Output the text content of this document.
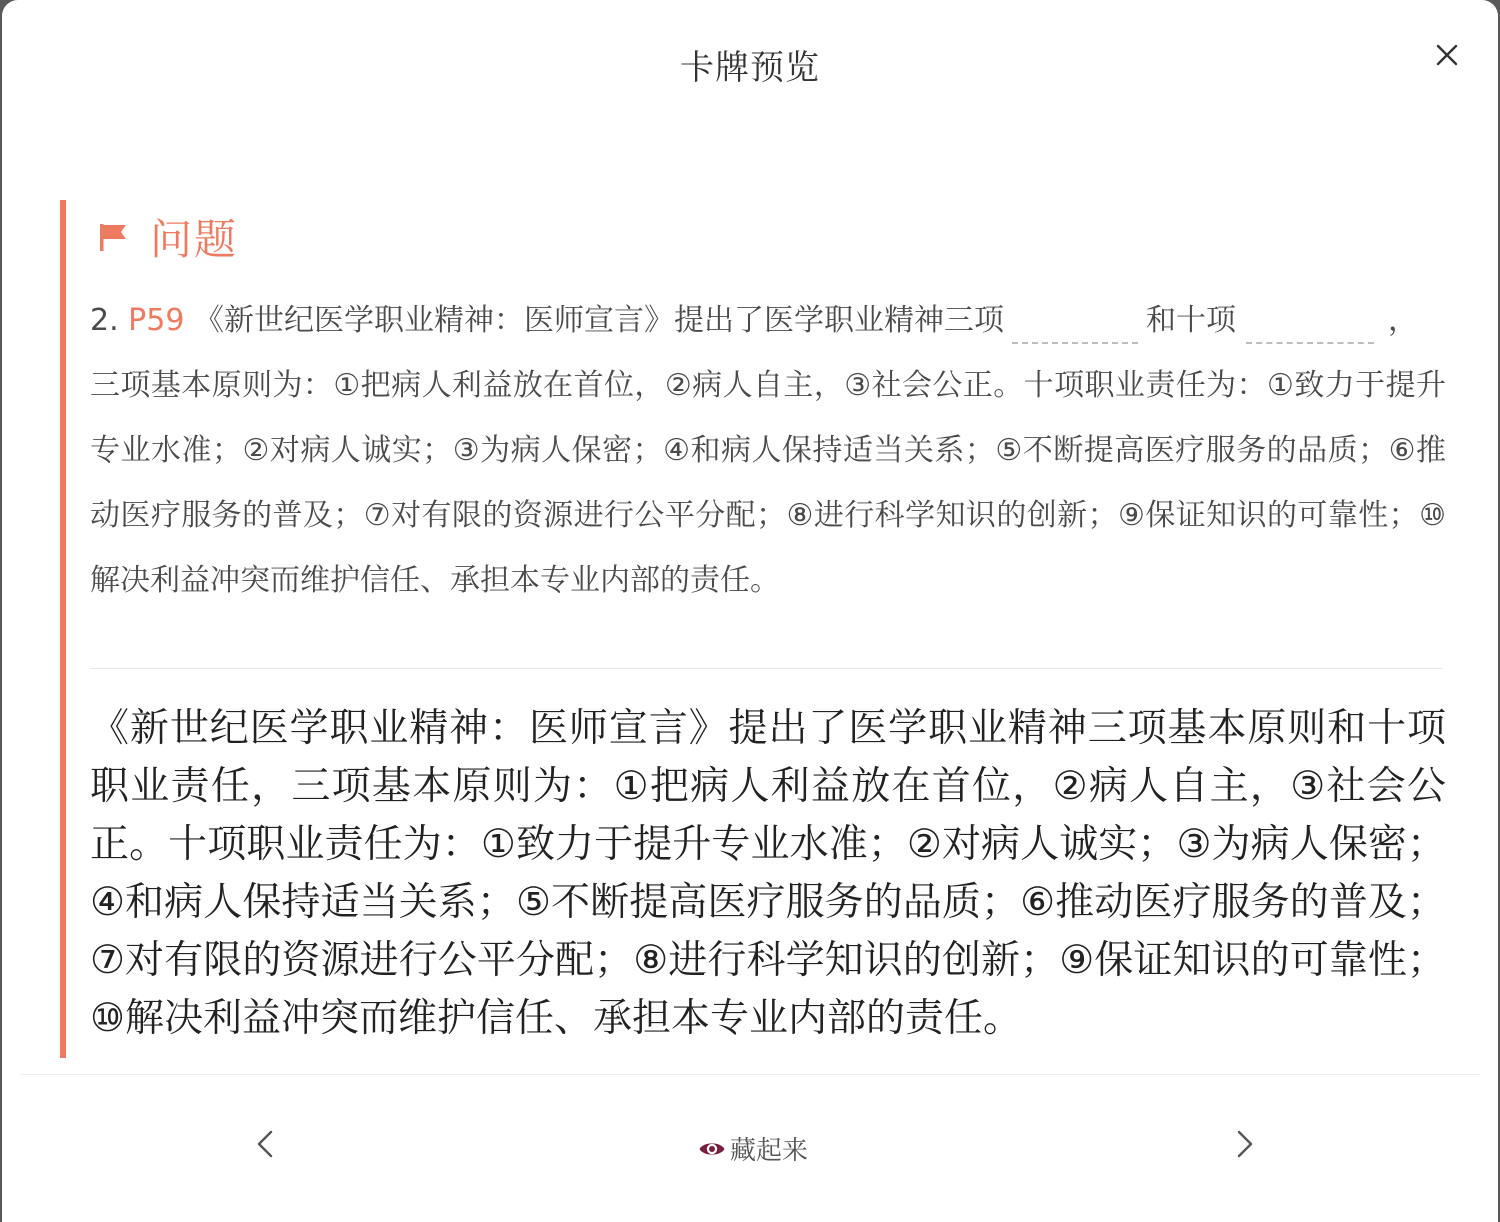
卡牌预览
问题
2. P59 《新世纪医学职业精神：医师宣言》提出了医学职业精神三项	和十项	，
三项基本原则为：①把病人利益放在首位，②病人自主，③社会公正。十项职业责任为：①致力于提升专业水准；②对病人诚实；③为病人保密；④和病人保持适当关系；⑤不断提高医疗服务的品质；⑥推动医疗服务的普及；⑦对有限的资源进行公平分配；⑧进行科学知识的创新；⑨保证知识的可靠性；⑩解决利益冲突而维护信任、承担本专业内部的责任。
《新世纪医学职业精神：医师宣言》提出了医学职业精神三项基本原则和十项职业责任，三项基本原则为：①把病人利益放在首位，②病人自主，③社会公正。十项职业责任为：①致力于提升专业水准；②对病人诚实；③为病人保密；④和病人保持适当关系；⑤不断提高医疗服务的品质；⑥推动医疗服务的普及；⑦对有限的资源进行公平分配；⑧进行科学知识的创新；⑨保证知识的可靠性；⑩解决利益冲突而维护信任、承担本专业内部的责任。
藏起来
